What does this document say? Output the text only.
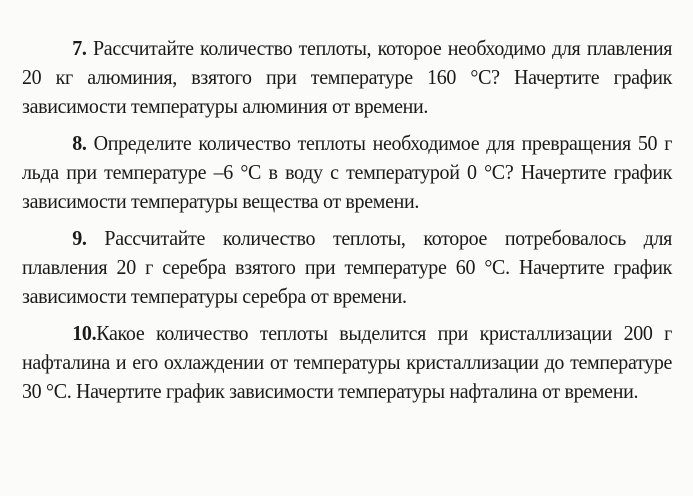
7. Рассчитайте количество теплоты, которое необходимо для плавления 20 кг алюминия, взятого при температуре 160 °C? Начертите график зависимости температуры алюминия от времени.

8. Определите количество теплоты необходимое для превращения 50 г льда при температуре –6 °C в воду с температурой 0 °C? Начертите график зависимости температуры вещества от времени.

9. Рассчитайте количество теплоты, которое потребовалось для плавления 20 г серебра взятого при температуре 60 °C. Начертите график зависимости температуры серебра от времени.

10.Какое количество теплоты выделится при кристаллизации 200 г нафталина и его охлаждении от температуры кристаллизации до температуре 30 °C. Начертите график зависимости температуры нафталина от времени.
